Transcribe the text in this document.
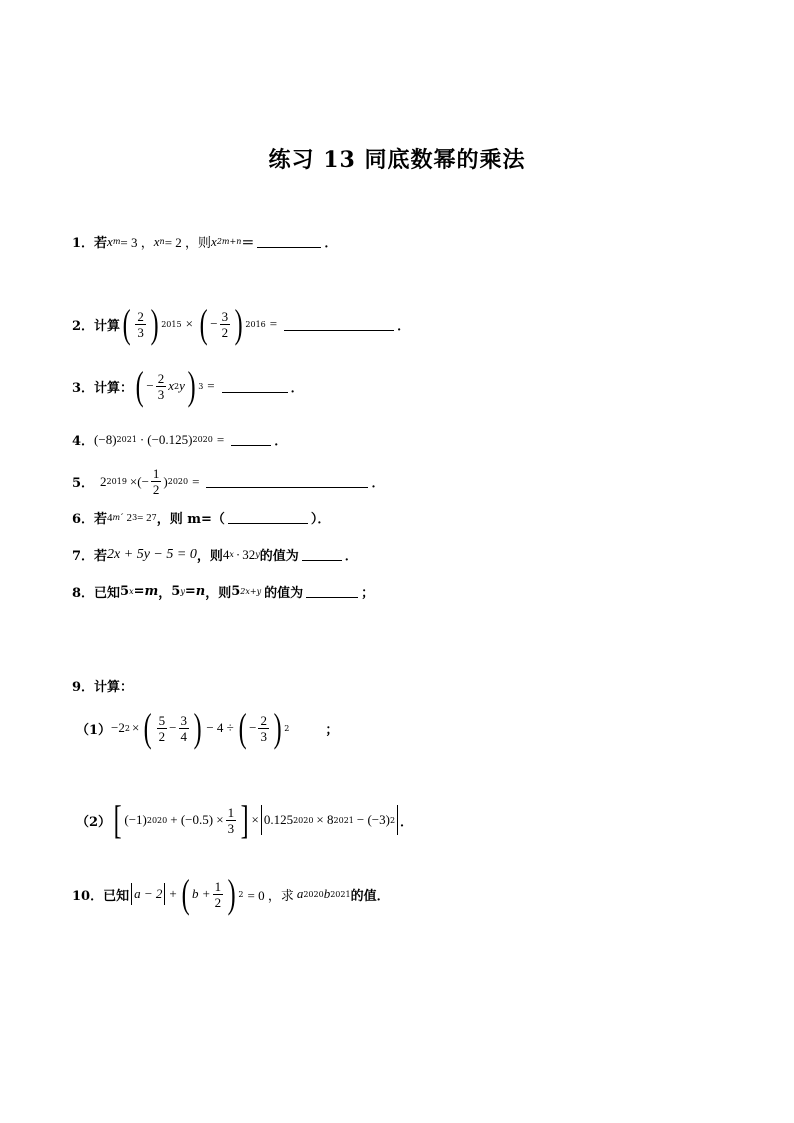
练习 13 同底数幂的乘法
1．若 x m = 3 ， x n = 2 ，则 x 2m+n ＝	．
2．计算 ( $\frac{2}{3}$ ) 2015 × ( − $\frac{3}{2}$ ) 2016 =	．
3．计算： ( − $\frac{2}{3}$ x 2 y ) 3 =	．
4． (−8) 2021 · (−0.125) 2020 =	．
5． 2 2019 ×(− $\frac{1}{2}$ ) 2020 =	．
6．若 4 m ´ 2 3 = 2 7 ，则 m=（	）．
7．若 2x + 5y − 5 = 0 ，则 4 x · 32 y 的值为	．
8．已知 5 x = m ， 5 y = n ，则 5 2x+y 的值为	；
9．计算：
（1） −2 2 × ( $\frac{5}{2} - \frac{3}{4}$ ) − 4 ÷ ( − $\frac{2}{3}$ ) 2	；
（2） [ (−1) $2020 + (-0.5) \times \frac{1}{3}$ ] × 0.125 2020 × 8 2021 − (−3) 2 ．
10．已知 a − 2 + ( $b + \frac{1}{2}$ ) 2 = 0 ，求 a 2020 b 2021 的值．
